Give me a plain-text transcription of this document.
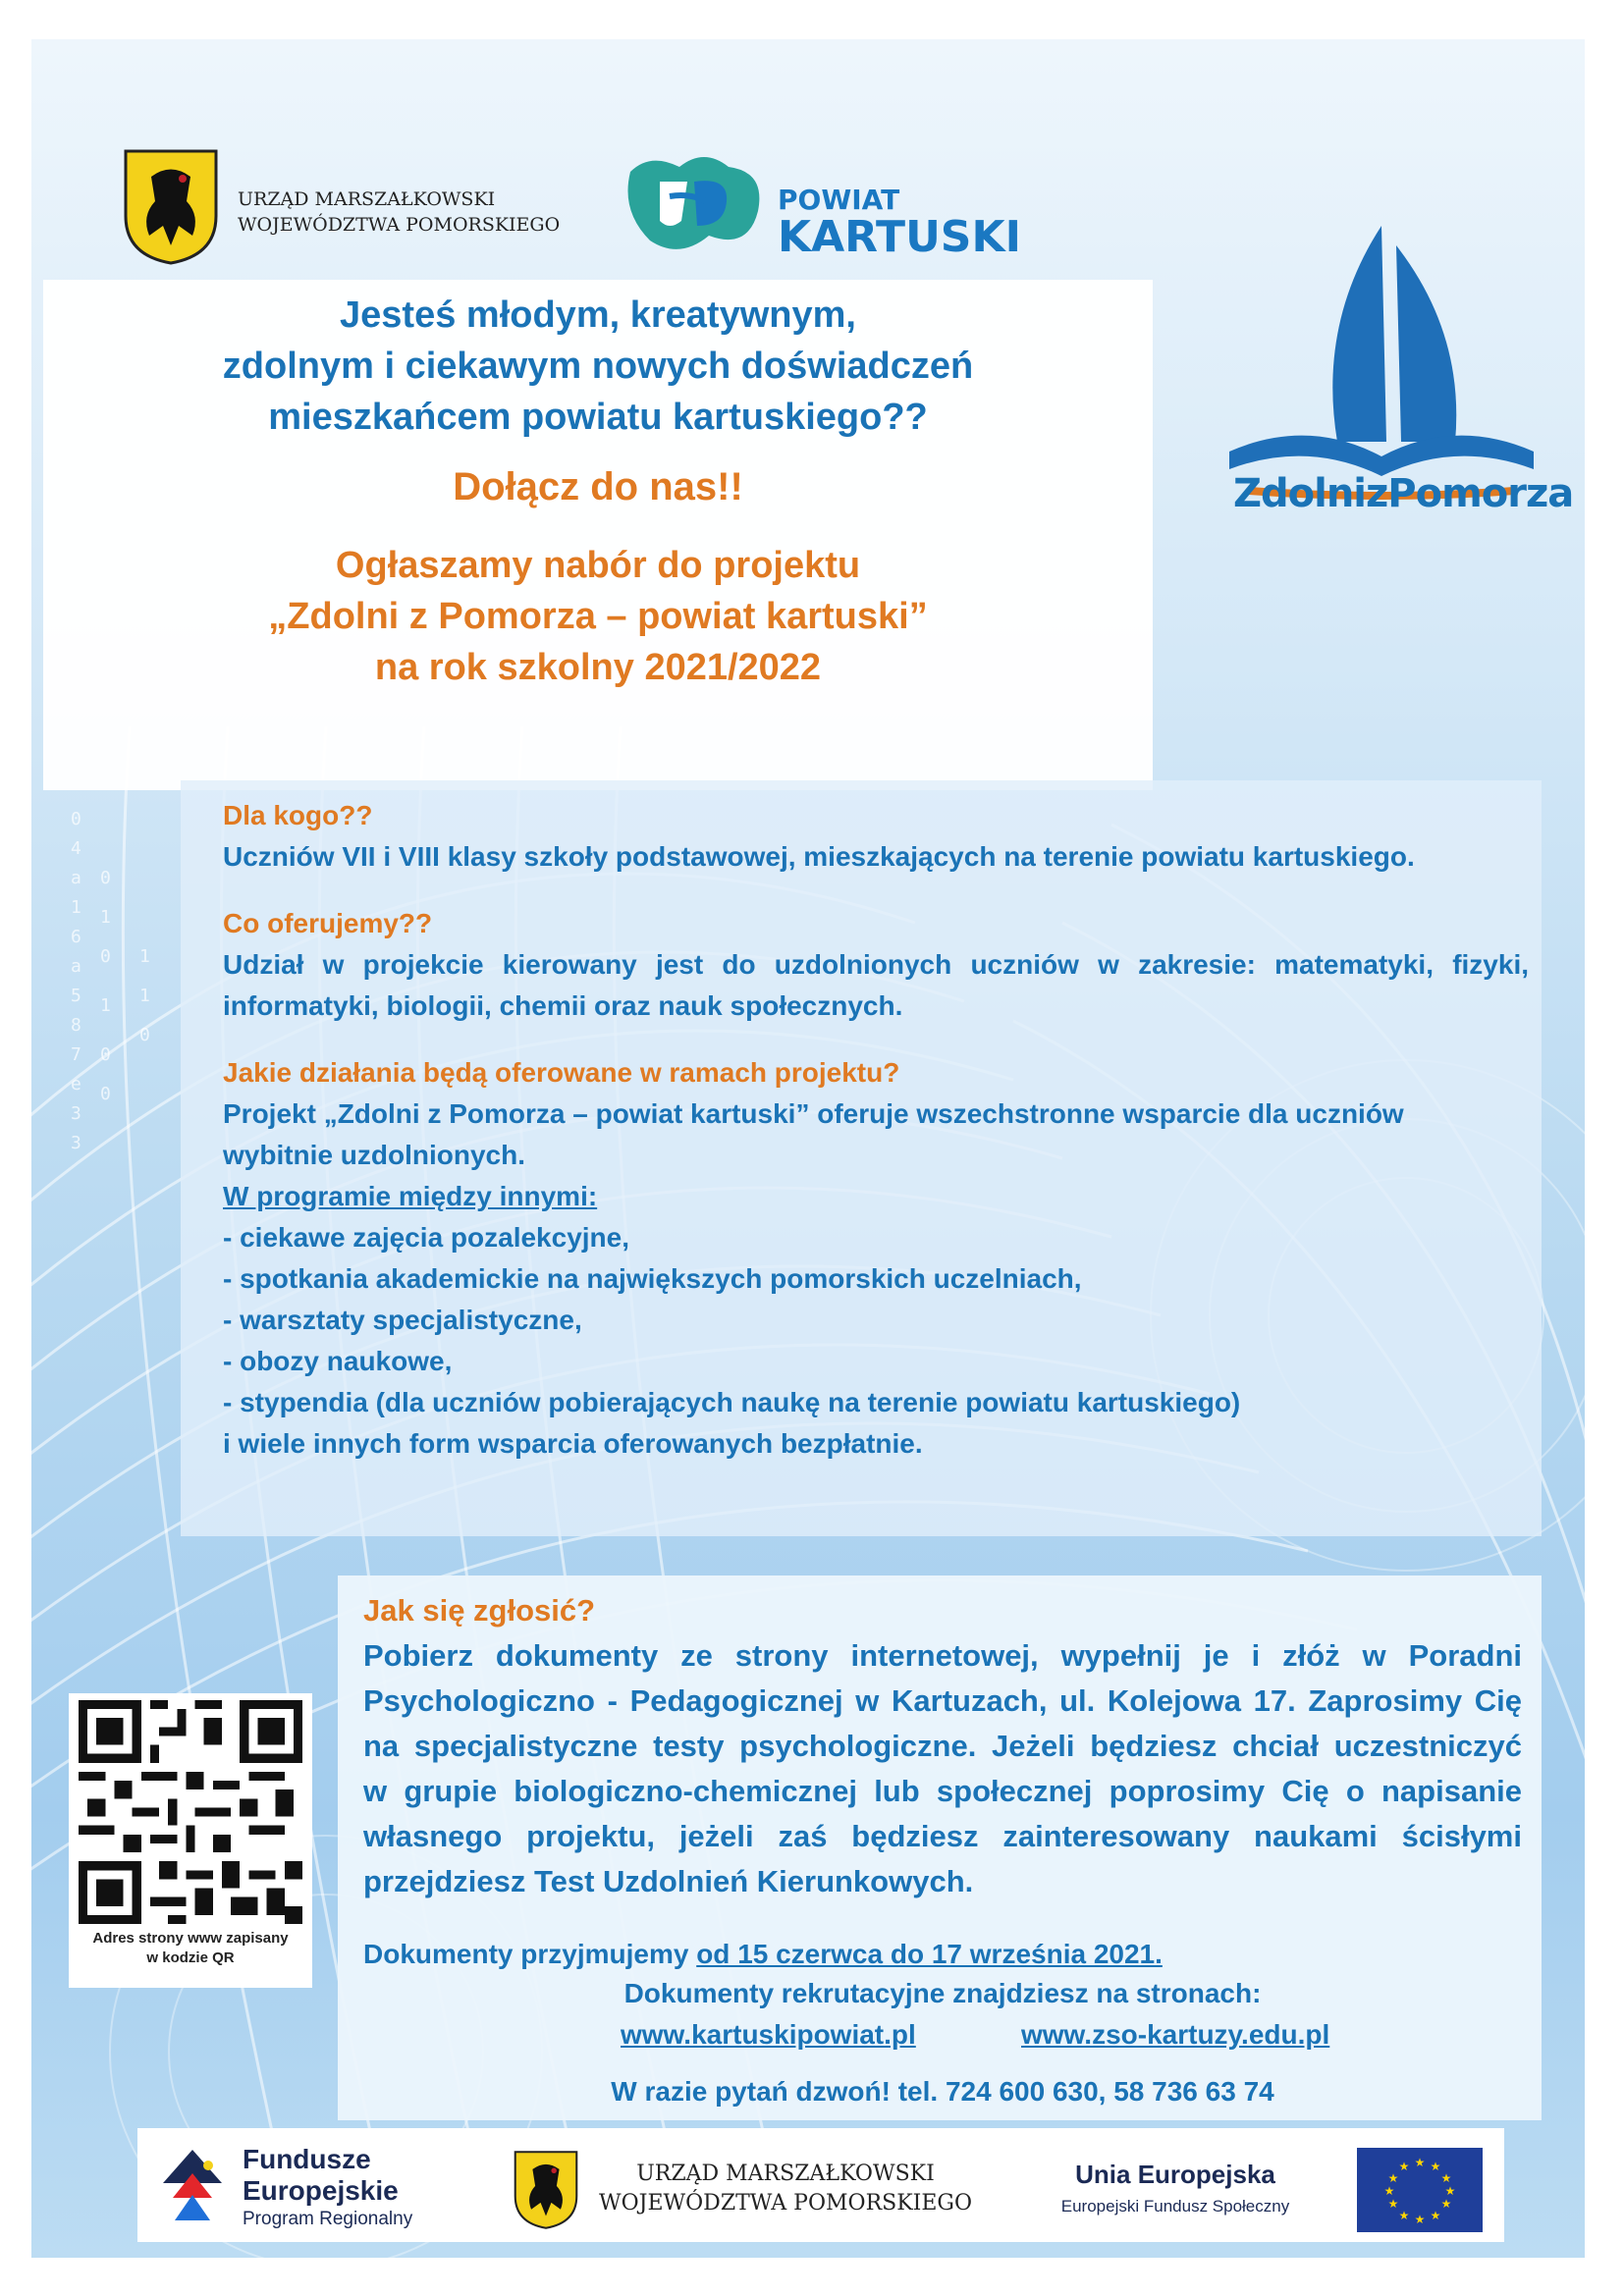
0
4
a
1
6
a
5
8
7
e
3
3
0
1
0
1
0
0
1
1
0
URZĄD MARSZAŁKOWSKI
WOJEWÓDZTWA POMORSKIEGO
POWIAT
KARTUSKI
ZdolnizPomorza
Jesteś młodym, kreatywnym,
zdolnym i ciekawym nowych doświadczeń
mieszkańcem powiatu kartuskiego??
Dołącz do nas!!
Ogłaszamy nabór do projektu
„Zdolni z Pomorza – powiat kartuski”
na rok szkolny 2021/2022
Dla kogo??
Uczniów VII i VIII klasy szkoły podstawowej, mieszkających na terenie powiatu kartuskiego.
Co oferujemy??
Udział w projekcie kierowany jest do uzdolnionych uczniów w zakresie: matematyki, fizyki,
informatyki, biologii, chemii oraz nauk społecznych.
Jakie działania będą oferowane w ramach projektu?
Projekt „Zdolni z Pomorza – powiat kartuski” oferuje wszechstronne wsparcie dla uczniów
wybitnie uzdolnionych.
W programie między innymi:
- ciekawe zajęcia pozalekcyjne,
- spotkania akademickie na największych pomorskich uczelniach,
- warsztaty specjalistyczne,
- obozy naukowe,
- stypendia (dla uczniów pobierających naukę na terenie powiatu kartuskiego)
i wiele innych form wsparcia oferowanych bezpłatnie.
Jak się zgłosić?
Pobierz dokumenty ze strony internetowej, wypełnij je i złóż w Poradni
Psychologiczno - Pedagogicznej w Kartuzach, ul. Kolejowa 17. Zaprosimy Cię
na specjalistyczne testy psychologiczne. Jeżeli będziesz chciał uczestniczyć
w grupie biologiczno-chemicznej lub społecznej poprosimy Cię o napisanie
własnego projektu, jeżeli zaś będziesz zainteresowany naukami ścisłymi
przejdziesz Test Uzdolnień Kierunkowych.
Dokumenty przyjmujemy od 15 czerwca do 17 września 2021.
Dokumenty rekrutacyjne znajdziesz na stronach:
www.kartuskipowiat.pl	www.zso-kartuzy.edu.pl
W razie pytań dzwoń! tel. 724 600 630, 58 736 63 74
Adres strony www zapisany
w kodzie QR
Fundusze
Europejskie
Program Regionalny
URZĄD MARSZAŁKOWSKI
WOJEWÓDZTWA POMORSKIEGO
Unia Europejska
Europejski Fundusz Społeczny
★ ★
★
★
★
★
★
★
★
★
★
★
